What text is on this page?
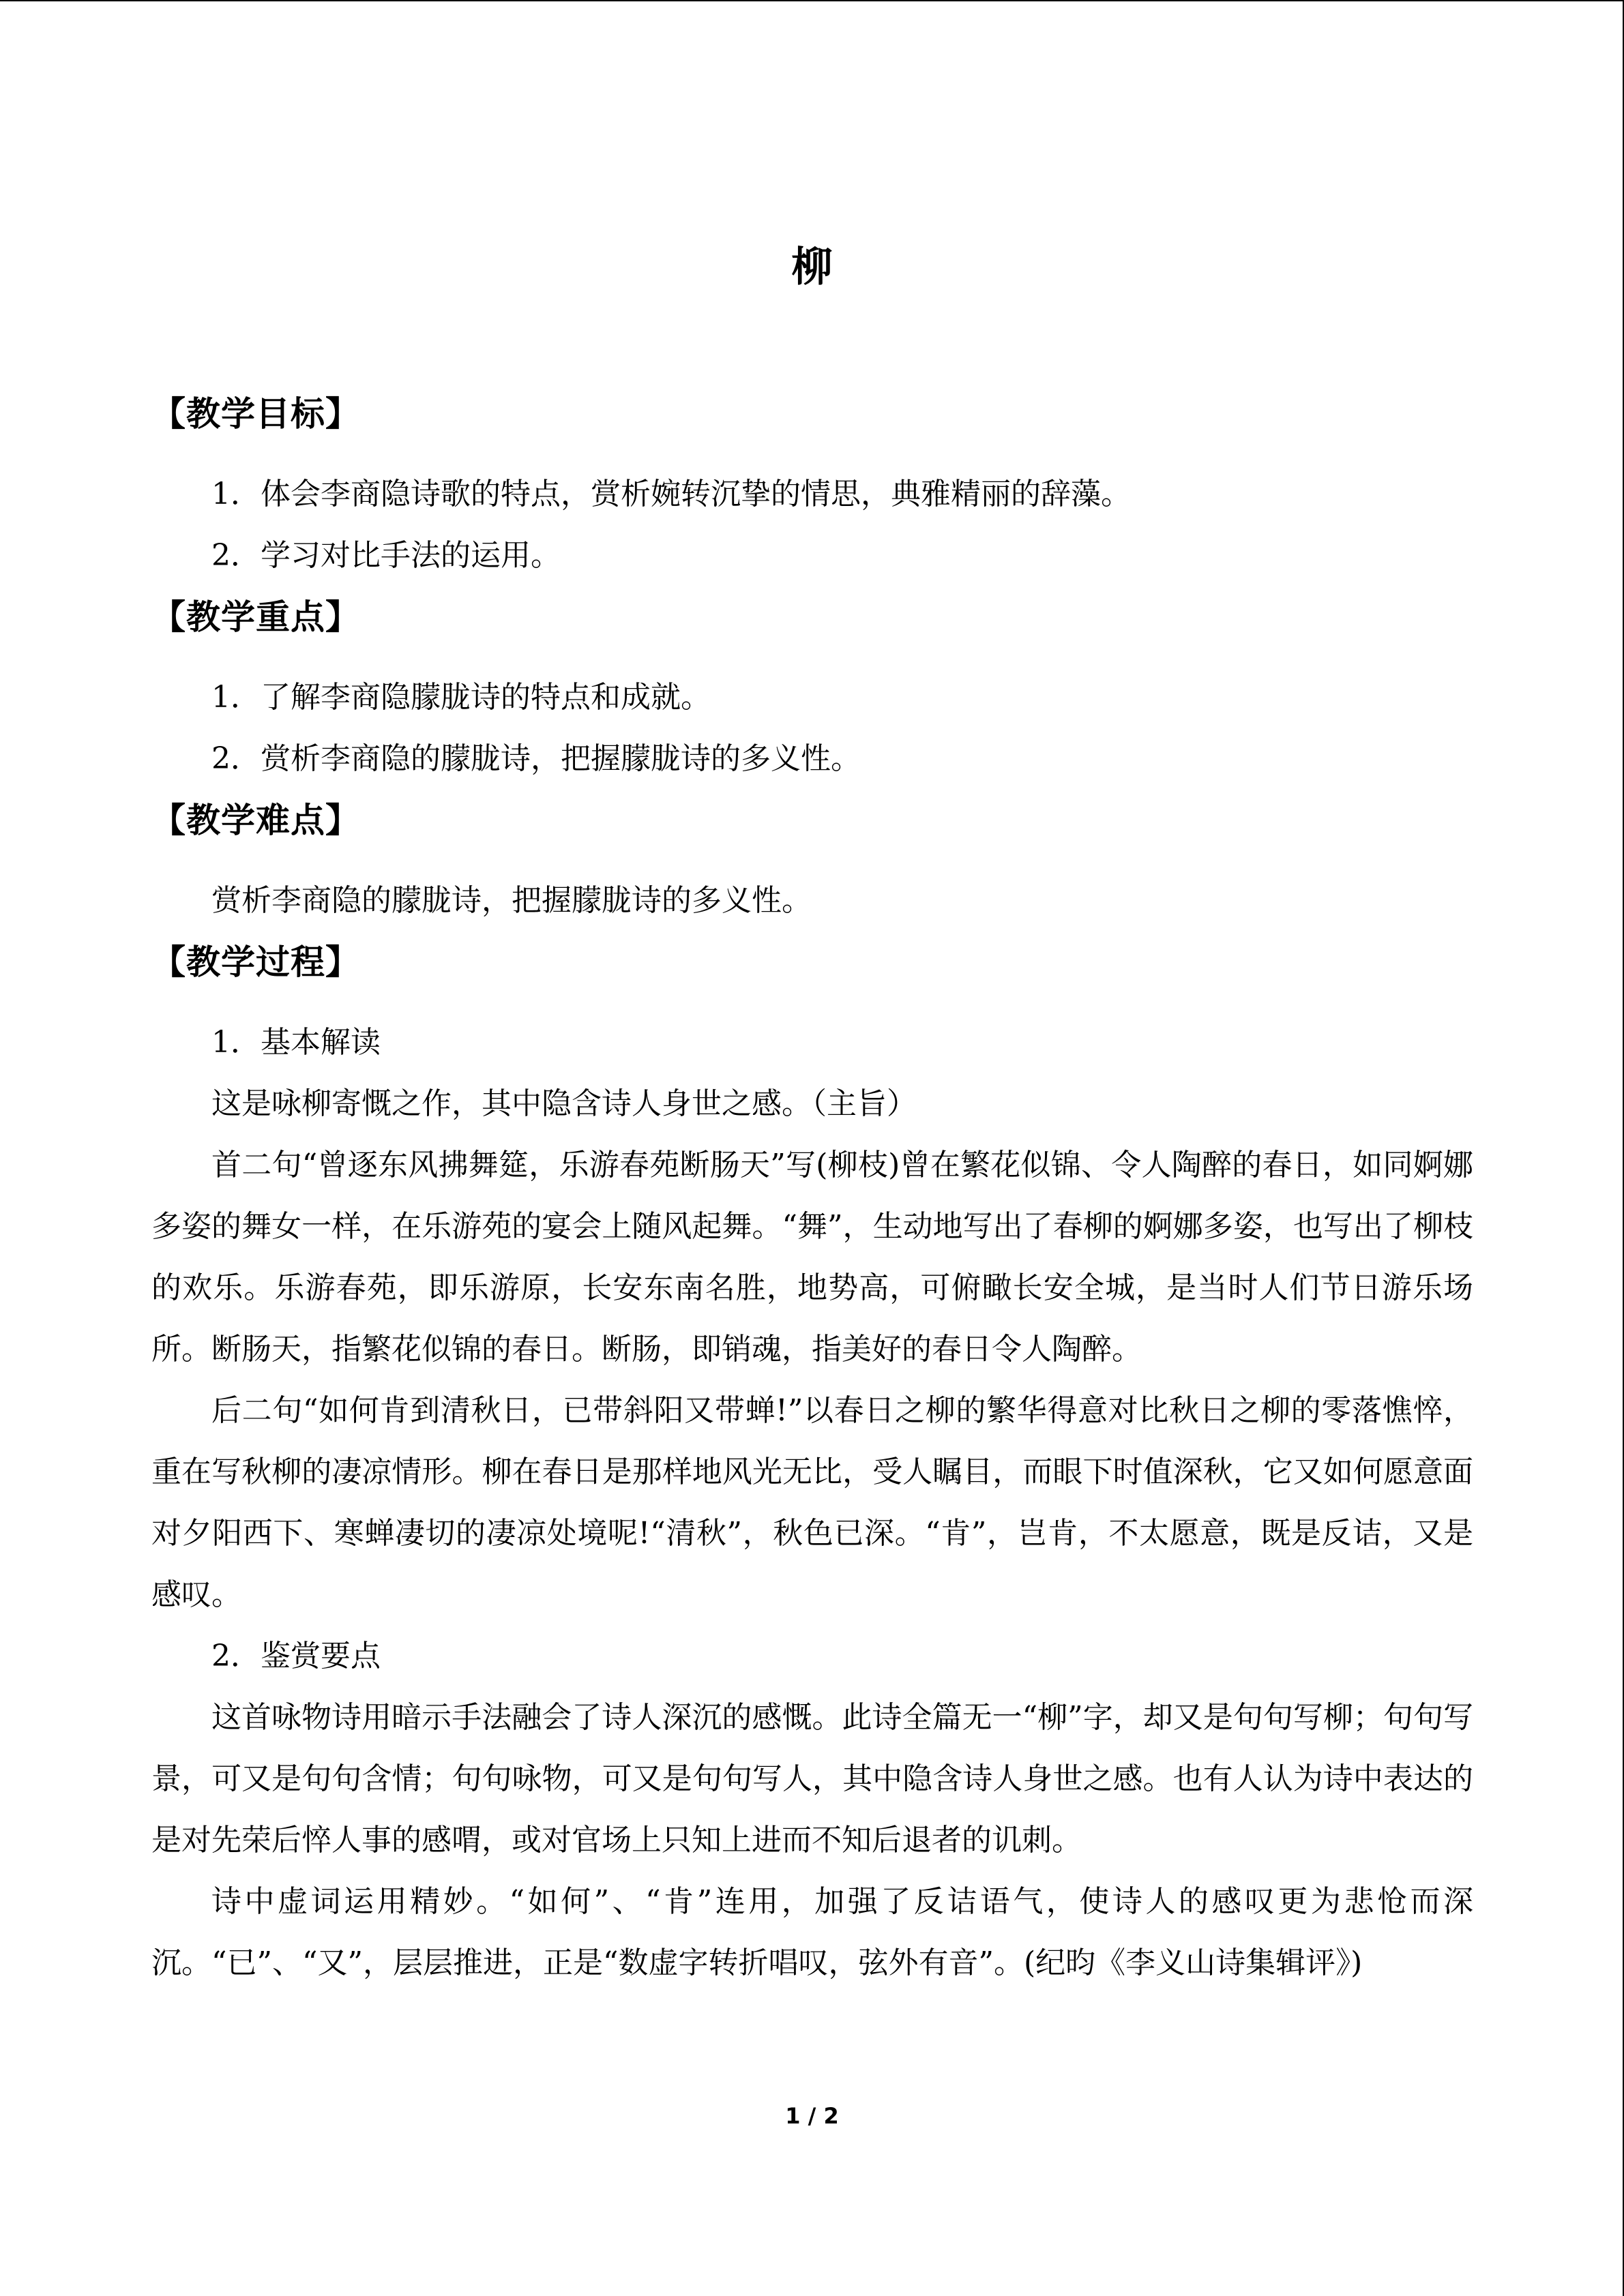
柳

【教学目标】

1．体会李商隐诗歌的特点，赏析婉转沉挚的情思，典雅精丽的辞藻。

2．学习对比手法的运用。

【教学重点】

1．了解李商隐朦胧诗的特点和成就。

2．赏析李商隐的朦胧诗，把握朦胧诗的多义性。

【教学难点】

赏析李商隐的朦胧诗，把握朦胧诗的多义性。

【教学过程】

1．基本解读

这是咏柳寄慨之作，其中隐含诗人身世之感。（主旨）

首二句“曾逐东风拂舞筵，乐游春苑断肠天”写(柳枝)曾在繁花似锦、令人陶醉的春日，如同婀娜多姿的舞女一样，在乐游苑的宴会上随风起舞。“舞”，生动地写出了春柳的婀娜多姿，也写出了柳枝的欢乐。乐游春苑，即乐游原，长安东南名胜，地势高，可俯瞰长安全城，是当时人们节日游乐场所。断肠天，指繁花似锦的春日。断肠，即销魂，指美好的春日令人陶醉。

后二句“如何肯到清秋日，已带斜阳又带蝉!”以春日之柳的繁华得意对比秋日之柳的零落憔悴，重在写秋柳的凄凉情形。柳在春日是那样地风光无比，受人瞩目，而眼下时值深秋，它又如何愿意面对夕阳西下、寒蝉凄切的凄凉处境呢!“清秋”，秋色已深。“肯”，岂肯，不太愿意，既是反诘，又是感叹。

2．鉴赏要点

这首咏物诗用暗示手法融会了诗人深沉的感慨。此诗全篇无一“柳”字，却又是句句写柳；句句写景，可又是句句含情；句句咏物，可又是句句写人，其中隐含诗人身世之感。也有人认为诗中表达的是对先荣后悴人事的感喟，或对官场上只知上进而不知后退者的讥刺。

诗中虚词运用精妙。“如何”、“肯”连用，加强了反诘语气，使诗人的感叹更为悲怆而深沉。“已”、“又”，层层推进，正是“数虚字转折唱叹，弦外有音”。(纪昀《李义山诗集辑评》)

1 / 2
